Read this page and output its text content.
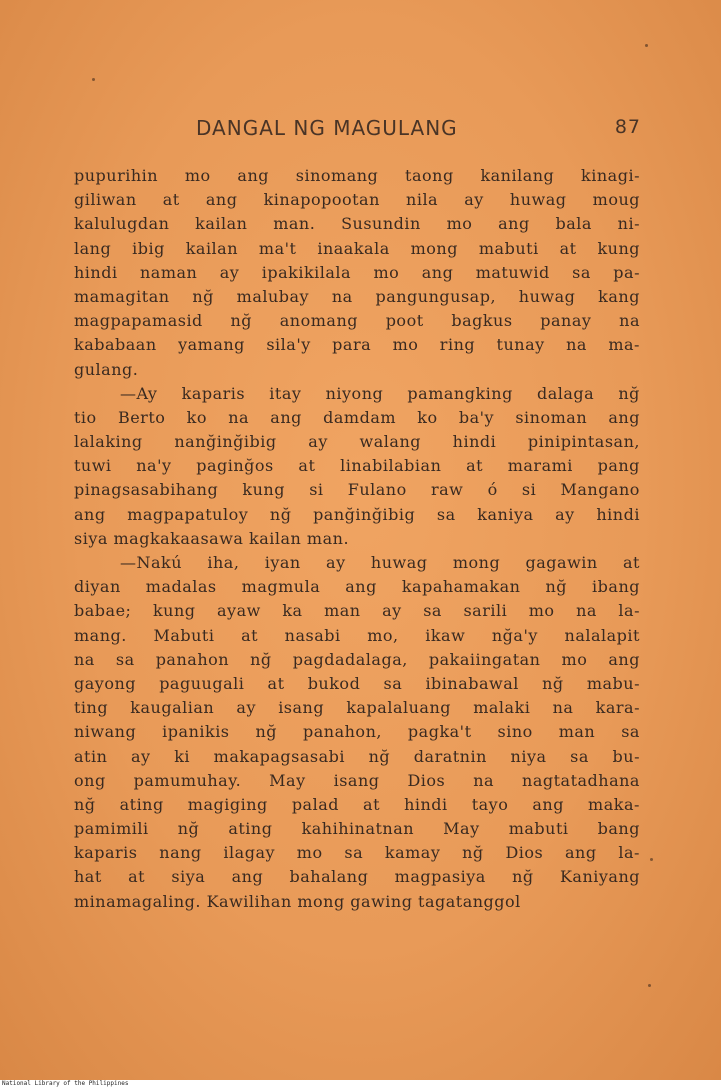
DANGAL NG MAGULANG	87
pupurihin mo ang sinomang taong kanilang kinagi-
giliwan at ang kinapopootan nila ay huwag moug
kalulugdan kailan man. Susundin mo ang bala ni-
lang ibig kailan ma't inaakala mong mabuti at kung
hindi naman ay ipakikilala mo ang matuwid sa pa-
mamagitan nğ malubay na pangungusap, huwag kang
magpapamasid nğ anomang poot bagkus panay na
kababaan yamang sila'y para mo ring tunay na ma-
gulang.
—Ay kaparis itay niyong pamangking dalaga nğ
tio Berto ko na ang damdam ko ba'y sinoman ang
lalaking nanğinğibig ay walang hindi pinipintasan,
tuwi na'y paginğos at linabilabian at marami pang
pinagsasabihang kung si Fulano raw ó si Mangano
ang magpapatuloy nğ panğinğibig sa kaniya ay hindi
siya magkakaasawa kailan man.
—Nakú iha, iyan ay huwag mong gagawin at
diyan madalas magmula ang kapahamakan nğ ibang
babae; kung ayaw ka man ay sa sarili mo na la-
mang. Mabuti at nasabi mo, ikaw nğa'y nalalapit
na sa panahon nğ pagdadalaga, pakaiingatan mo ang
gayong paguugali at bukod sa ibinabawal nğ mabu-
ting kaugalian ay isang kapalaluang malaki na kara-
niwang ipanikis nğ panahon, pagka't sino man sa
atin ay ki makapagsasabi nğ daratnin niya sa bu-
ong pamumuhay. May isang Dios na nagtatadhana
nğ ating magiging palad at hindi tayo ang maka-
pamimili nğ ating kahihinatnan May mabuti bang
kaparis nang ilagay mo sa kamay nğ Dios ang la-
hat at siya ang bahalang magpasiya nğ Kaniyang
minamagaling. Kawilihan mong gawing tagatanggol
National Library of the Philippines
